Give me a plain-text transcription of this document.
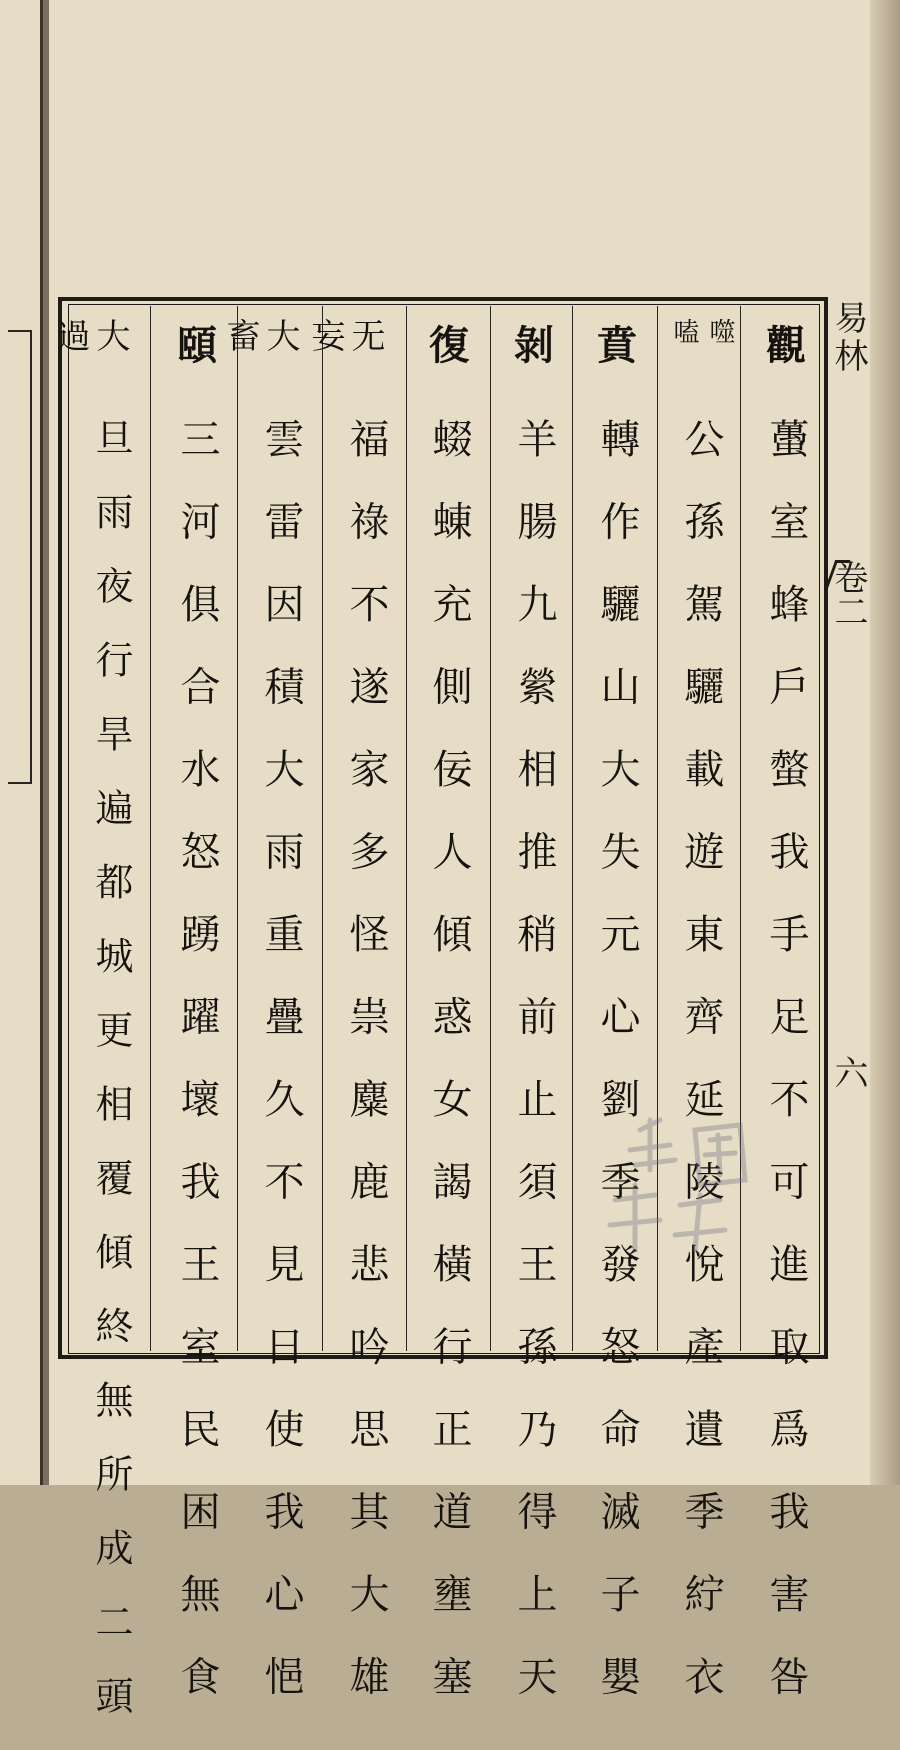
觀
蠆室蜂戶螫我手足不可進取爲我害咎
噬嗑
公孫駕驪載遊東齊延陵悅產遺季紵衣
賁
轉作驪山大失元心劉季發怒命滅子嬰
剝
羊腸九縈相推稍前止須王孫乃得上天
復
蝃蝀充側佞人傾惑女謁橫行正道壅塞
无妄
福祿不遂家多怪祟麋鹿悲吟思其大雄
大畜
雲雷因積大雨重疊久不見日使我心悒
頤
三河俱合水怒踴躍壞我王室民困無食
大過
旦雨夜行旱遍都城更相覆傾終無所成二頭
易林
卷二
六
